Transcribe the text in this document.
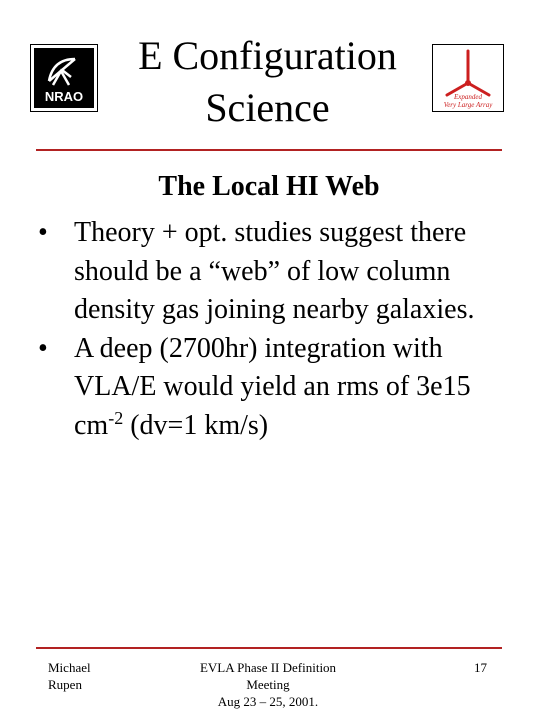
NRAO
E Configuration
Science	Expanded
Very Large Array
The Local HI Web
• Theory + opt. studies suggest there should be a “web” of low column density gas joining nearby galaxies.
• A deep (2700hr) integration with VLA/E would yield an rms of 3e15 $cm^{-2}$ (dv=1 km/s)
Michael
Rupen
EVLA Phase II Definition
Meeting
Aug 23 – 25, 2001.
17
